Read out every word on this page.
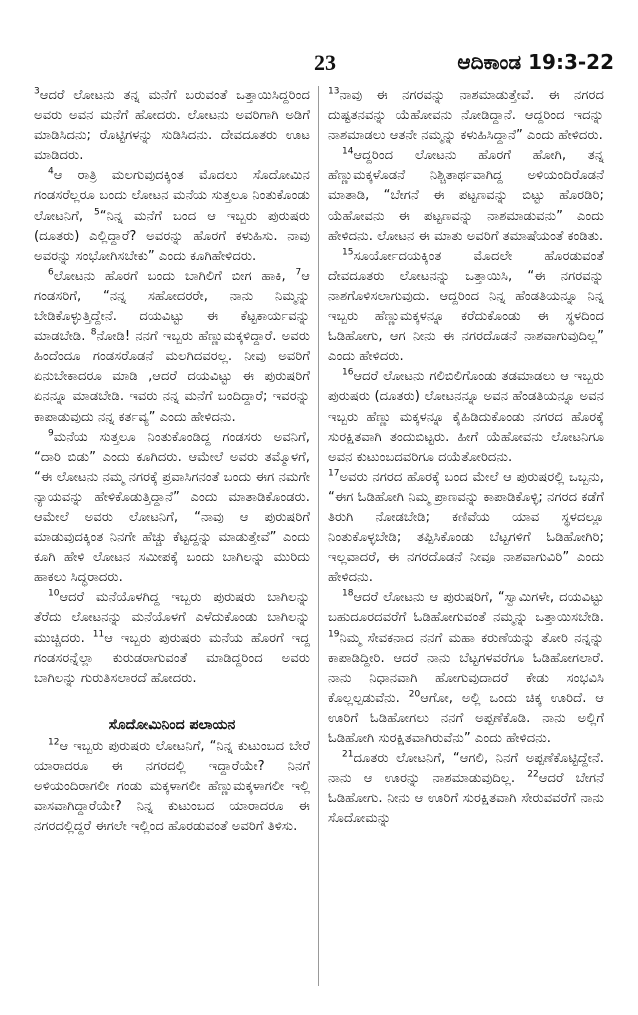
23	ಆದಿಕಾಂಡ 19:3-22

$^3$ಆದರೆ ಲೋಟನು ತನ್ನ ಮನೆಗೆ ಬರುವಂತೆ ಒತ್ತಾಯಿಸಿದ್ದರಿಂದ ಅವರು ಅವನ ಮನೆಗೆ ಹೋದರು. ಲೋಟನು ಅವರಿಗಾಗಿ ಅಡಿಗೆ ಮಾಡಿಸಿದನು; ರೊಟ್ಟಿಗಳನ್ನು ಸುಡಿಸಿದನು. ದೇವದೂತರು ಊಟ ಮಾಡಿದರು.

$^4$ಆ ರಾತ್ರಿ ಮಲಗುವುದಕ್ಕಿಂತ ಮೊದಲು ಸೊದೋಮಿನ ಗಂಡಸರೆಲ್ಲರೂ ಬಂದು ಲೋಟನ ಮನೆಯ ಸುತ್ತಲೂ ನಿಂತುಕೊಂಡು ಲೋಟನಿಗೆ, $^5$“ನಿನ್ನ ಮನೆಗೆ ಬಂದ ಆ ಇಬ್ಬರು ಪುರುಷರು (ದೂತರು) ಎಲ್ಲಿದ್ದಾರೆ? ಅವರನ್ನು ಹೊರಗೆ ಕಳುಹಿಸು. ನಾವು ಅವರನ್ನು ಸಂಭೋಗಿಸಬೇಕು” ಎಂದು ಕೂಗಿಹೇಳಿದರು.

$^6$ಲೋಟನು ಹೊರಗೆ ಬಂದು ಬಾಗಿಲಿಗೆ ಬೀಗ ಹಾಕಿ, $^7$ಆ ಗಂಡಸರಿಗೆ, “ನನ್ನ ಸಹೋದರರೇ, ನಾನು ನಿಮ್ಮನ್ನು ಬೇಡಿಕೊಳ್ಳುತ್ತಿದ್ದೇನೆ. ದಯವಿಟ್ಟು ಈ ಕೆಟ್ಟಕಾರ್ಯವನ್ನು ಮಾಡಬೇಡಿ. $^8$ನೋಡಿ! ನನಗೆ ಇಬ್ಬರು ಹೆಣ್ಣುಮಕ್ಕಳಿದ್ದಾರೆ. ಅವರು ಹಿಂದೆಂದೂ ಗಂಡಸರೊಡನೆ ಮಲಗಿದವರಲ್ಲ. ನೀವು ಅವರಿಗೆ ಏನುಬೇಕಾದರೂ ಮಾಡಿ ,ಆದರೆ ದಯವಿಟ್ಟು ಈ ಪುರುಷರಿಗೆ ಏನನ್ನೂ ಮಾಡಬೇಡಿ. ಇವರು ನನ್ನ ಮನೆಗೆ ಬಂದಿದ್ದಾರೆ; ಇವರನ್ನು ಕಾಪಾಡುವುದು ನನ್ನ ಕರ್ತವ್ಯ” ಎಂದು ಹೇಳಿದನು.

$^9$ಮನೆಯ ಸುತ್ತಲೂ ನಿಂತುಕೊಂಡಿದ್ದ ಗಂಡಸರು ಅವನಿಗೆ, “ದಾರಿ ಬಿಡು” ಎಂದು ಕೂಗಿದರು. ಆಮೇಲೆ ಅವರು ತಮ್ಮೊಳಗೆ, “ಈ ಲೋಟನು ನಮ್ಮ ನಗರಕ್ಕೆ ಪ್ರವಾಸಿಗನಂತೆ ಬಂದು ಈಗ ನಮಗೇ ನ್ಯಾಯವನ್ನು ಹೇಳಿಕೊಡುತ್ತಿದ್ದಾನೆ” ಎಂದು ಮಾತಾಡಿಕೊಂಡರು. ಆಮೇಲೆ ಅವರು ಲೋಟನಿಗೆ, “ನಾವು ಆ ಪುರುಷರಿಗೆ ಮಾಡುವುದಕ್ಕಿಂತ ನಿನಗೇ ಹೆಚ್ಚು ಕೆಟ್ಟದ್ದನ್ನು ಮಾಡುತ್ತೇವೆ” ಎಂದು ಕೂಗಿ ಹೇಳಿ ಲೋಟನ ಸಮೀಪಕ್ಕೆ ಬಂದು ಬಾಗಿಲನ್ನು ಮುರಿದು ಹಾಕಲು ಸಿದ್ಧರಾದರು.

$^{10}$ಆದರೆ ಮನೆಯೊಳಗಿದ್ದ ಇಬ್ಬರು ಪುರುಷರು ಬಾಗಿಲನ್ನು ತೆರೆದು ಲೋಟನನ್ನು ಮನೆಯೊಳಗೆ ಎಳೆದುಕೊಂಡು ಬಾಗಿಲನ್ನು ಮುಚ್ಚಿದರು. $^{11}$ಆ ಇಬ್ಬರು ಪುರುಷರು ಮನೆಯ ಹೊರಗೆ ಇದ್ದ ಗಂಡಸರನ್ನೆಲ್ಲಾ ಕುರುಡರಾಗುವಂತೆ ಮಾಡಿದ್ದರಿಂದ ಅವರು ಬಾಗಿಲನ್ನು ಗುರುತಿಸಲಾರದೆ ಹೋದರು.

ಸೊದೋಮಿನಿಂದ ಪಲಾಯನ

$^{12}$ಆ ಇಬ್ಬರು ಪುರುಷರು ಲೋಟನಿಗೆ, “ನಿನ್ನ ಕುಟುಂಬದ ಬೇರೆ ಯಾರಾದರೂ ಈ ನಗರದಲ್ಲಿ ಇದ್ದಾರೆಯೇ? ನಿನಗೆ ಅಳಿಯಂದಿರಾಗಲೀ ಗಂಡು ಮಕ್ಕಳಾಗಲೀ ಹೆಣ್ಣುಮಕ್ಕಳಾಗಲೀ ಇಲ್ಲಿ ವಾಸವಾಗಿದ್ದಾರೆಯೇ? ನಿನ್ನ ಕುಟುಂಬದ ಯಾರಾದರೂ ಈ ನಗರದಲ್ಲಿದ್ದರೆ ಈಗಲೇ ಇಲ್ಲಿಂದ ಹೊರಡುವಂತೆ ಅವರಿಗೆ ತಿಳಿಸು.

$^{13}$ನಾವು ಈ ನಗರವನ್ನು ನಾಶಮಾಡುತ್ತೇವೆ. ಈ ನಗರದ ದುಷ್ಟತನವನ್ನು ಯೆಹೋವನು ನೋಡಿದ್ದಾನೆ. ಆದ್ದರಿಂದ ಇದನ್ನು ನಾಶಮಾಡಲು ಆತನೇ ನಮ್ಮನ್ನು ಕಳುಹಿಸಿದ್ದಾನೆ” ಎಂದು ಹೇಳಿದರು.

$^{14}$ಆದ್ದರಿಂದ ಲೋಟನು ಹೊರಗೆ ಹೋಗಿ, ತನ್ನ ಹೆಣ್ಣುಮಕ್ಕಳೊಡನೆ ನಿಶ್ಚಿತಾರ್ಥವಾಗಿದ್ದ ಅಳಿಯಂದಿರೊಡನೆ ಮಾತಾಡಿ, “ಬೇಗನೆ ಈ ಪಟ್ಟಣವನ್ನು ಬಿಟ್ಟು ಹೊರಡಿರಿ; ಯೆಹೋವನು ಈ ಪಟ್ಟಣವನ್ನು ನಾಶಮಾಡುವನು” ಎಂದು ಹೇಳಿದನು. ಲೋಟನ ಈ ಮಾತು ಅವರಿಗೆ ತಮಾಷೆಯಂತೆ ಕಂಡಿತು.

$^{15}$ಸೂರ್ಯೋದಯಕ್ಕಿಂತ ಮೊದಲೇ ಹೊರಡುವಂತೆ ದೇವದೂತರು ಲೋಟನನ್ನು ಒತ್ತಾಯಿಸಿ, “ಈ ನಗರವನ್ನು ನಾಶಗೊಳಿಸಲಾಗುವುದು. ಆದ್ದರಿಂದ ನಿನ್ನ ಹೆಂಡತಿಯನ್ನೂ ನಿನ್ನ ಇಬ್ಬರು ಹೆಣ್ಣುಮಕ್ಕಳನ್ನೂ ಕರೆದುಕೊಂಡು ಈ ಸ್ಥಳದಿಂದ ಓಡಿಹೋಗು, ಆಗ ನೀನು ಈ ನಗರದೊಡನೆ ನಾಶವಾಗುವುದಿಲ್ಲ” ಎಂದು ಹೇಳಿದರು.

$^{16}$ಆದರೆ ಲೋಟನು ಗಲಿಬಿಲಿಗೊಂಡು ತಡಮಾಡಲು ಆ ಇಬ್ಬರು ಪುರುಷರು (ದೂತರು) ಲೋಟನನ್ನೂ ಅವನ ಹೆಂಡತಿಯನ್ನೂ ಅವನ ಇಬ್ಬರು ಹೆಣ್ಣು ಮಕ್ಕಳನ್ನೂ ಕೈಹಿಡಿದುಕೊಂಡು ನಗರದ ಹೊರಕ್ಕೆ ಸುರಕ್ಷಿತವಾಗಿ ತಂದುಬಿಟ್ಟರು. ಹೀಗೆ ಯೆಹೋವನು ಲೋಟನಿಗೂ ಅವನ ಕುಟುಂಬದವರಿಗೂ ದಯೆತೋರಿದನು.

$^{17}$ಅವರು ನಗರದ ಹೊರಕ್ಕೆ ಬಂದ ಮೇಲೆ ಆ ಪುರುಷರಲ್ಲಿ ಒಬ್ಬನು, “ಈಗ ಓಡಿಹೋಗಿ ನಿಮ್ಮ ಪ್ರಾಣವನ್ನು ಕಾಪಾಡಿಕೊಳ್ಳಿ; ನಗರದ ಕಡೆಗೆ ತಿರುಗಿ ನೋಡಬೇಡಿ; ಕಣಿವೆಯ ಯಾವ ಸ್ಥಳದಲ್ಲೂ ನಿಂತುಕೊಳ್ಳಬೇಡಿ; ತಪ್ಪಿಸಿಕೊಂಡು ಬೆಟ್ಟಗಳಿಗೆ ಓಡಿಹೋಗಿರಿ; ಇಲ್ಲವಾದರೆ, ಈ ನಗರದೊಡನೆ ನೀವೂ ನಾಶವಾಗುವಿರಿ” ಎಂದು ಹೇಳಿದನು.

$^{18}$ಆದರೆ ಲೋಟನು ಆ ಪುರುಷರಿಗೆ, “ಸ್ವಾಮಿಗಳೇ, ದಯವಿಟ್ಟು ಬಹುದೂರದವರೆಗೆ ಓಡಿಹೋಗುವಂತೆ ನಮ್ಮನ್ನು ಒತ್ತಾಯಿಸಬೇಡಿ. $^{19}$ನಿಮ್ಮ ಸೇವಕನಾದ ನನಗೆ ಮಹಾ ಕರುಣೆಯನ್ನು ತೋರಿ ನನ್ನನ್ನು ಕಾಪಾಡಿದ್ದೀರಿ. ಆದರೆ ನಾನು ಬೆಟ್ಟಗಳವರೆಗೂ ಓಡಿಹೋಗಲಾರೆ. ನಾನು ನಿಧಾನವಾಗಿ ಹೋಗುವುದಾದರೆ ಕೇಡು ಸಂಭವಿಸಿ ಕೊಲ್ಲಲ್ಪಡುವೆನು. $^{20}$ಆಗೋ, ಅಲ್ಲಿ ಒಂದು ಚಿಕ್ಕ ಊರಿದೆ. ಆ ಊರಿಗೆ ಓಡಿಹೋಗಲು ನನಗೆ ಅಪ್ಪಣೆಕೊಡಿ. ನಾನು ಅಲ್ಲಿಗೆ ಓಡಿಹೋಗಿ ಸುರಕ್ಷಿತವಾಗಿರುವೆನು” ಎಂದು ಹೇಳಿದನು.

$^{21}$ದೂತರು ಲೋಟನಿಗೆ, “ಆಗಲಿ, ನಿನಗೆ ಅಪ್ಪಣೆಕೊಟ್ಟಿದ್ದೇನೆ. ನಾನು ಆ ಊರನ್ನು ನಾಶಮಾಡುವುದಿಲ್ಲ. $^{22}$ಆದರೆ ಬೇಗನೆ ಓಡಿಹೋಗು. ನೀನು ಆ ಊರಿಗೆ ಸುರಕ್ಷಿತವಾಗಿ ಸೇರುವವರೆಗೆ ನಾನು ಸೊದೋಮನ್ನು
